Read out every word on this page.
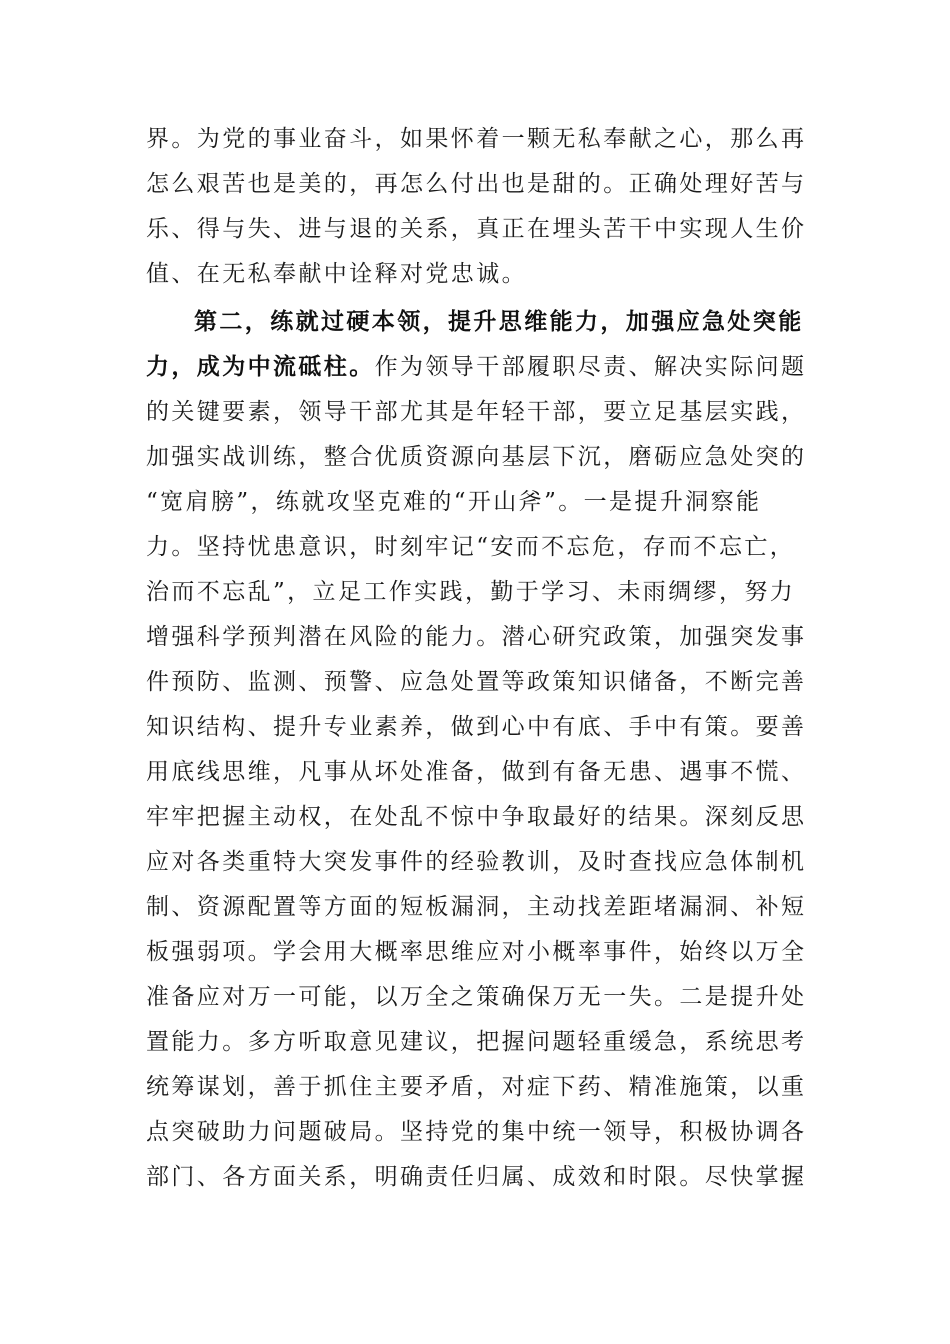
界。为党的事业奋斗，如果怀着一颗无私奉献之心，那么再
怎么艰苦也是美的，再怎么付出也是甜的。正确处理好苦与
乐、得与失、进与退的关系，真正在埋头苦干中实现人生价
值、在无私奉献中诠释对党忠诚。
第二，练就过硬本领，提升思维能力，加强应急处突能
力，成为中流砥柱。作为领导干部履职尽责、解决实际问题
的关键要素，领导干部尤其是年轻干部，要立足基层实践，
加强实战训练，整合优质资源向基层下沉，磨砺应急处突的
“宽肩膀”，练就攻坚克难的“开山斧”。一是提升洞察能
力。坚持忧患意识，时刻牢记“安而不忘危，存而不忘亡，
治而不忘乱”，立足工作实践，勤于学习、未雨绸缪，努力
增强科学预判潜在风险的能力。潜心研究政策，加强突发事
件预防、监测、预警、应急处置等政策知识储备，不断完善
知识结构、提升专业素养，做到心中有底、手中有策。要善
用底线思维，凡事从坏处准备，做到有备无患、遇事不慌、
牢牢把握主动权，在处乱不惊中争取最好的结果。深刻反思
应对各类重特大突发事件的经验教训，及时查找应急体制机
制、资源配置等方面的短板漏洞，主动找差距堵漏洞、补短
板强弱项。学会用大概率思维应对小概率事件，始终以万全
准备应对万一可能，以万全之策确保万无一失。二是提升处
置能力。多方听取意见建议，把握问题轻重缓急，系统思考
统筹谋划，善于抓住主要矛盾，对症下药、精准施策，以重
点突破助力问题破局。坚持党的集中统一领导，积极协调各
部门、各方面关系，明确责任归属、成效和时限。尽快掌握
